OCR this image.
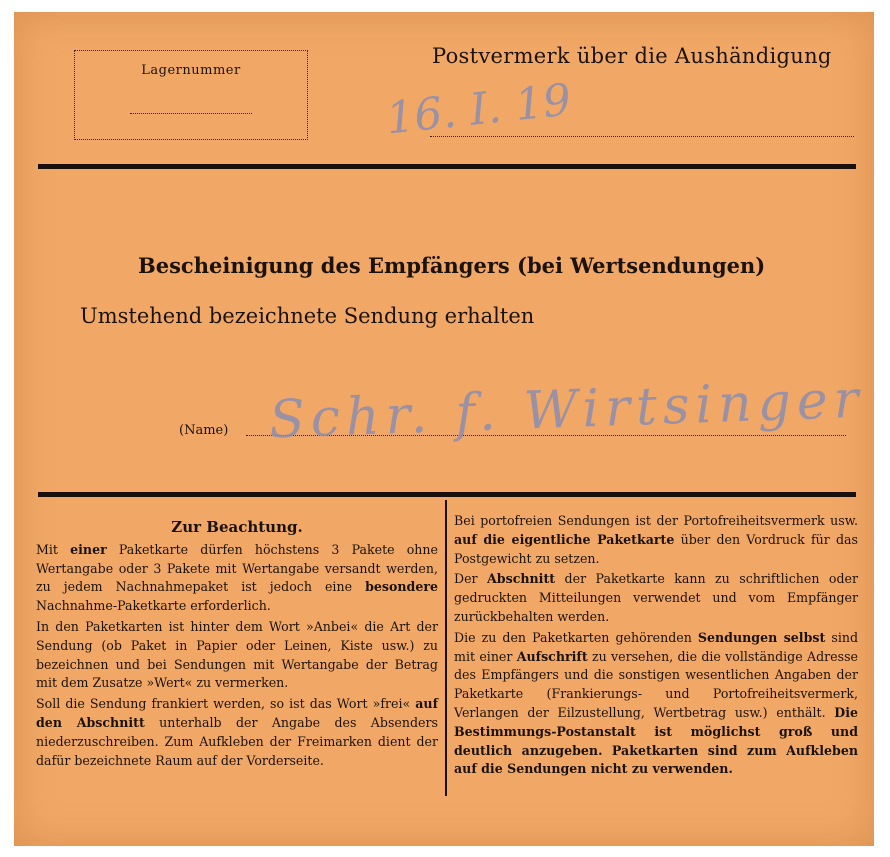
Lagernummer
Postvermerk über die Aushändigung
16. I. 19
Bescheinigung des Empfängers (bei Wertsendungen)
Umstehend bezeichnete Sendung erhalten
(Name) Schr. f. Wirtsinger
Zur Beachtung.

Mit einer Paketkarte dürfen höchstens 3 Pakete ohne Wertangabe oder 3 Pakete mit Wertangabe versandt werden, zu jedem Nachnahmepaket ist jedoch eine besondere Nachnahme-Paketkarte erforderlich.

In den Paketkarten ist hinter dem Wort »Anbei« die Art der Sendung (ob Paket in Papier oder Leinen, Kiste usw.) zu bezeichnen und bei Sendungen mit Wertangabe der Betrag mit dem Zusatze »Wert« zu vermerken.

Soll die Sendung frankiert werden, so ist das Wort »frei« auf den Abschnitt unterhalb der Angabe des Absenders niederzuschreiben. Zum Aufkleben der Freimarken dient der dafür bezeichnete Raum auf der Vorderseite.

Bei portofreien Sendungen ist der Portofreiheitsvermerk usw. auf die eigentliche Paketkarte über den Vordruck für das Postgewicht zu setzen.

Der Abschnitt der Paketkarte kann zu schriftlichen oder gedruckten Mitteilungen verwendet und vom Empfänger zurückbehalten werden.

Die zu den Paketkarten gehörenden Sendungen selbst sind mit einer Aufschrift zu versehen, die die vollständige Adresse des Empfängers und die sonstigen wesentlichen Angaben der Paketkarte (Frankierungs- und Portofreiheitsvermerk, Verlangen der Eilzustellung, Wertbetrag usw.) enthält. Die Bestimmungs-Postanstalt ist möglichst groß und deutlich anzugeben. Paketkarten sind zum Aufkleben auf die Sendungen nicht zu verwenden.
